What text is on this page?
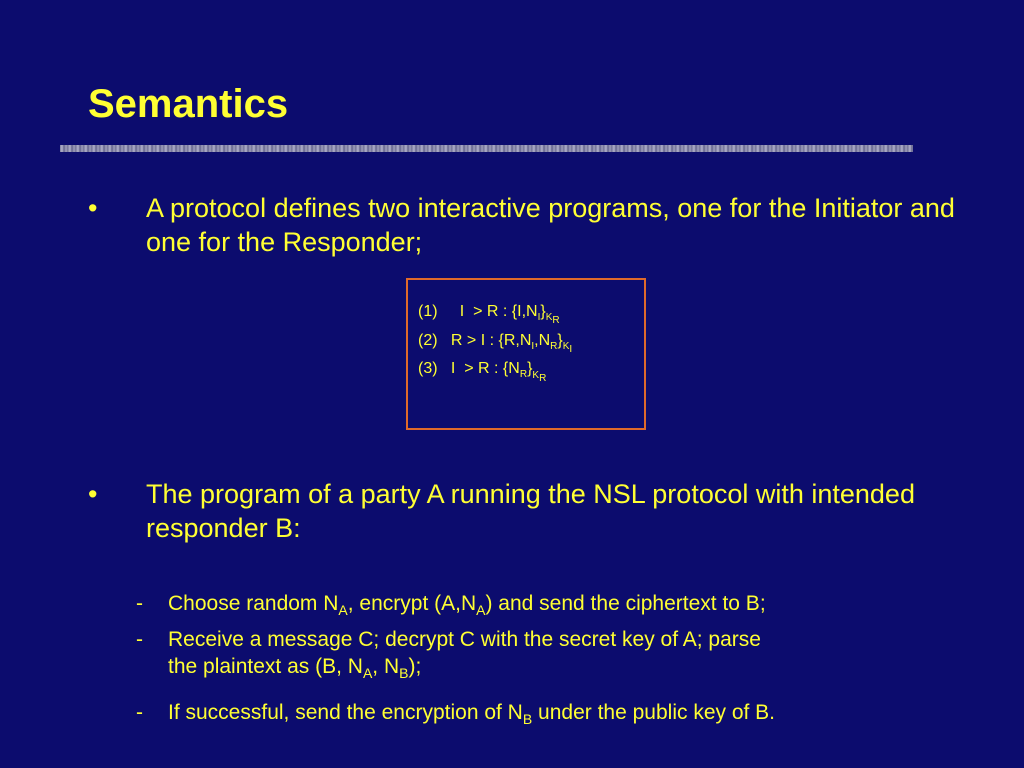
Semantics
• A protocol defines two interactive programs, one for the Initiator and one for the Responder;
(1)     I  > R : $\{I,N_I\}_{K_R}$
(2) R > I : $\{R,N_I,N_R\}_{K_I}$
(3) I  > R : $\{N_R\}_{K_R}$
• The program of a party A running the NSL protocol with intended responder B:
- Choose random $N_A$, encrypt $(A,N_A)$ and send the ciphertext to B;
- Receive a message C; decrypt C with the secret key of A; parse
the plaintext as (B, $N_A$, $N_B$);
- If successful, send the encryption of $N_B$ under the public key of B.
